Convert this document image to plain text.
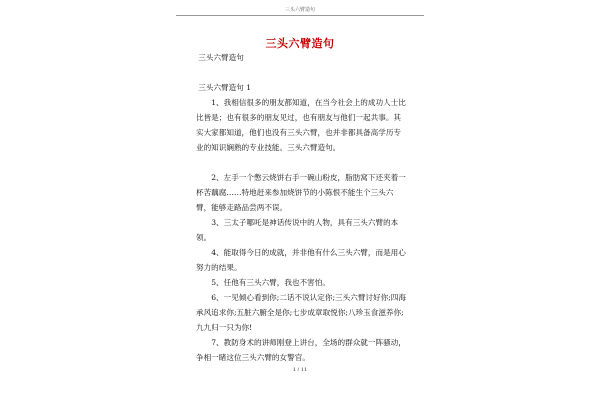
三头六臂造句
三头六臂造句
三头六臂造句
三头六臂造句 1

1、我相信很多的朋友都知道，在当今社会上的成功人士比比皆是；也有很多的朋友见过，也有朋友与他们一起共事。其实大家都知道，他们也没有三头六臂，也并非都具备高学历专业的知识娴熟的专业技能。三头六臂造句。

2、左手一个憋云烧饼右手一碗山粉皮，脂肪窝下还夹着一杯苦藕腐……特地赶来参加烧饼节的小陈恨不能生个三头六臂，能够走路品尝两不误。

3、三太子哪吒是神话传说中的人物，具有三头六臂的本领。

4、能取得今日的成就，并非他有什么三头六臂，而是用心努力的结果。

5、任他有三头六臂，我也不害怕。

6、一见倾心看到你;二话不说认定你;三头六臂讨好你;四海承风追求你;五脏六腑全是你;七步成章取悦你;八珍玉食滋养你;九九归一只为你!

7、教防身术的讲师刚登上讲台，全场的群众就一阵骚动，争相一睹这位三头六臂的女警官。

1 / 11
